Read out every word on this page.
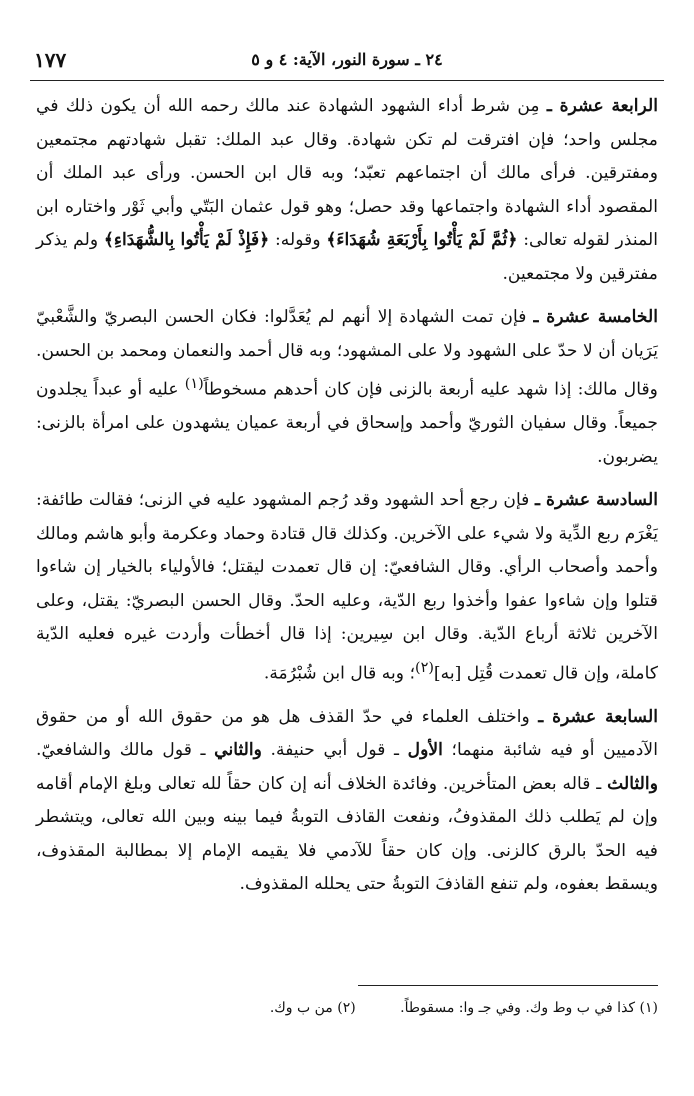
١٧٧	٢٤ ـ سورة النور، الآية: ٤ و ٥

الرابعة عشرة ـ مِن شرط أداء الشهود الشهادة عند مالك رحمه الله أن يكون ذلك في مجلس واحد؛ فإن افترقت لم تكن شهادة. وقال عبد الملك: تقبل شهادتهم مجتمعين ومفترقين. فرأى مالك أن اجتماعهم تعبّد؛ وبه قال ابن الحسن. ورأى عبد الملك أن المقصود أداء الشهادة واجتماعها وقد حصل؛ وهو قول عثمان البَتّي وأبي ثَوْر واختاره ابن المنذر لقوله تعالى: ﴿ثُمَّ لَمْ يَأْتُوا بِأَرْبَعَةِ شُهَدَاءَ﴾ وقوله: ﴿فَإِذْ لَمْ يَأْتُوا بِالشُّهَدَاءِ﴾ ولم يذكر مفترقين ولا مجتمعين.

الخامسة عشرة ـ فإن تمت الشهادة إلا أنهم لم يُعَدَّلوا: فكان الحسن البصريّ والشَّعْبيّ يَرَيان أن لا حدّ على الشهود ولا على المشهود؛ وبه قال أحمد والنعمان ومحمد بن الحسن. وقال مالك: إذا شهد عليه أربعة بالزنى فإن كان أحدهم مسخوطاً$^{(١)}$ عليه أو عبداً يجلدون جميعاً. وقال سفيان الثوريّ وأحمد وإسحاق في أربعة عميان يشهدون على امرأة بالزنى: يضربون.

السادسة عشرة ـ فإن رجع أحد الشهود وقد رُجم المشهود عليه في الزنى؛ فقالت طائفة: يَغْرَم ربع الدِّية ولا شيء على الآخرين. وكذلك قال قتادة وحماد وعكرمة وأبو هاشم ومالك وأحمد وأصحاب الرأي. وقال الشافعيّ: إن قال تعمدت ليقتل؛ فالأولياء بالخيار إن شاءوا قتلوا وإن شاءوا عفوا وأخذوا ربع الدّية، وعليه الحدّ. وقال الحسن البصريّ: يقتل، وعلى الآخرين ثلاثة أرباع الدّية. وقال ابن سِيرين: إذا قال أخطأت وأردت غيره فعليه الدّية كاملة، وإن قال تعمدت قُتِل [به]$^{(٢)}$؛ وبه قال ابن شُبْرُمَة.

السابعة عشرة ـ واختلف العلماء في حدّ القذف هل هو من حقوق الله أو من حقوق الآدميين أو فيه شائبة منهما؛ الأول ـ قول أبي حنيفة. والثاني ـ قول مالك والشافعيّ. والثالث ـ قاله بعض المتأخرين. وفائدة الخلاف أنه إن كان حقاً لله تعالى وبلغ الإمام أقامه وإن لم يَطلب ذلك المقذوفُ، ونفعت القاذف التوبةُ فيما بينه وبين الله تعالى، ويتشطر فيه الحدّ بالرق كالزنى. وإن كان حقاً للآدمي فلا يقيمه الإمام إلا بمطالبة المقذوف، ويسقط بعفوه، ولم تنفع القاذفَ التوبةُ حتى يحلله المقذوف.

(١) كذا في ب وط وك. وفي جـ وا: مسقوطاً. (٢) من ب وك.
